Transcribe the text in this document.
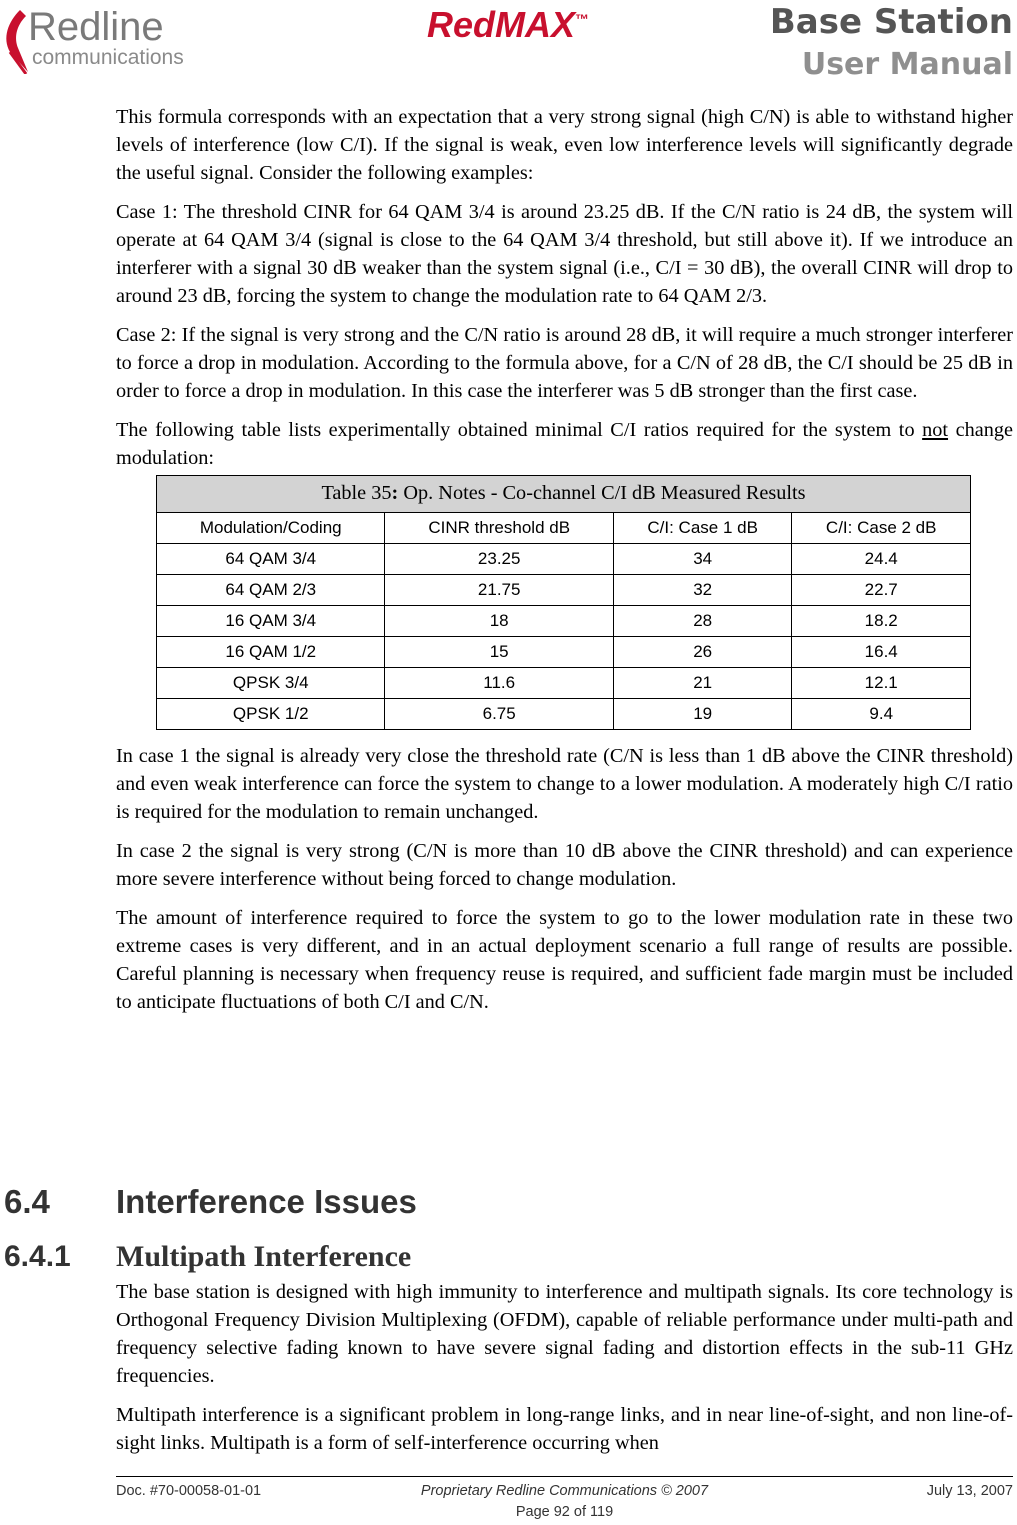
Redline
communications
RedMAX™	Base Station
User Manual

This formula corresponds with an expectation that a very strong signal (high C/N) is able to withstand higher levels of interference (low C/I). If the signal is weak, even low interference levels will significantly degrade the useful signal. Consider the following examples:

Case 1: The threshold CINR for 64 QAM 3/4 is around 23.25 dB. If the C/N ratio is 24 dB, the system will operate at 64 QAM 3/4 (signal is close to the 64 QAM 3/4 threshold, but still above it). If we introduce an interferer with a signal 30 dB weaker than the system signal (i.e., C/I = 30 dB), the overall CINR will drop to around 23 dB, forcing the system to change the modulation rate to 64 QAM 2/3.

Case 2: If the signal is very strong and the C/N ratio is around 28 dB, it will require a much stronger interferer to force a drop in modulation. According to the formula above, for a C/N of 28 dB, the C/I should be 25 dB in order to force a drop in modulation. In this case the interferer was 5 dB stronger than the first case.

The following table lists experimentally obtained minimal C/I ratios required for the system to not change modulation:

Table 35: Op. Notes - Co-channel C/I dB Measured Results
Modulation/Coding	CINR threshold dB	C/I: Case 1 dB	C/I: Case 2 dB
64 QAM 3/4	23.25	34	24.4
64 QAM 2/3	21.75	32	22.7
16 QAM 3/4	18	28	18.2
16 QAM 1/2	15	26	16.4
QPSK 3/4	11.6	21	12.1
QPSK 1/2	6.75	19	9.4

In case 1 the signal is already very close the threshold rate (C/N is less than 1 dB above the CINR threshold) and even weak interference can force the system to change to a lower modulation. A moderately high C/I ratio is required for the modulation to remain unchanged.

In case 2 the signal is very strong (C/N is more than 10 dB above the CINR threshold) and can experience more severe interference without being forced to change modulation.

The amount of interference required to force the system to go to the lower modulation rate in these two extreme cases is very different, and in an actual deployment scenario a full range of results are possible. Careful planning is necessary when frequency reuse is required, and sufficient fade margin must be included to anticipate fluctuations of both C/I and C/N.

6.4 Interference Issues
6.4.1 Multipath Interference

The base station is designed with high immunity to interference and multipath signals. Its core technology is Orthogonal Frequency Division Multiplexing (OFDM), capable of reliable performance under multi-path and frequency selective fading known to have severe signal fading and distortion effects in the sub-11 GHz frequencies.

Multipath interference is a significant problem in long-range links, and in near line-of-sight, and non line-of-sight links. Multipath is a form of self-interference occurring when

Doc. #70-00058-01-01	Proprietary Redline Communications © 2007	July 13, 2007
Page 92 of 119
